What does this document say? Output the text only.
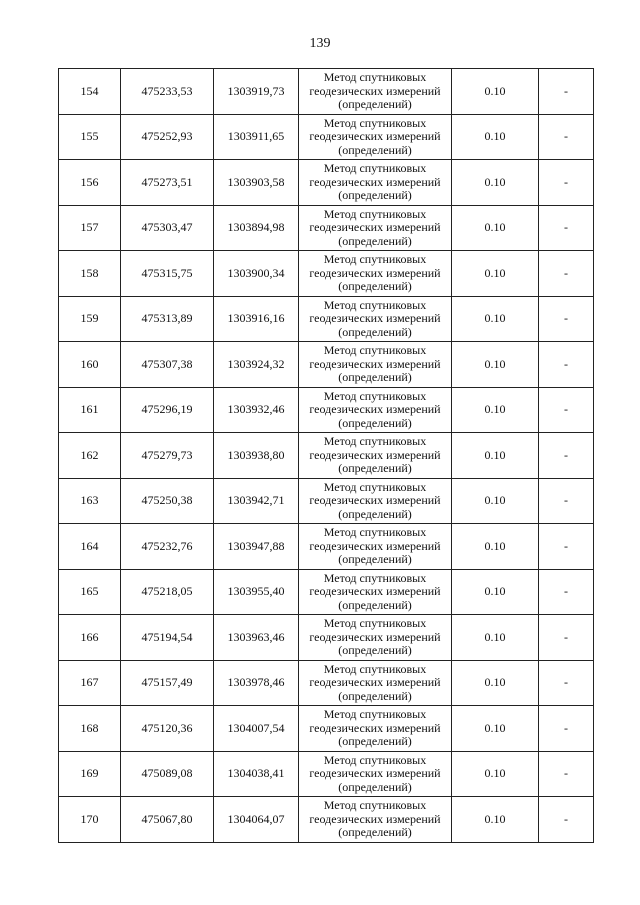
139
154	475233,53	1303919,73	Метод спутниковых
геодезических измерений
(определений)	0.10	-
155	475252,93	1303911,65	Метод спутниковых
геодезических измерений
(определений)	0.10	-
156	475273,51	1303903,58	Метод спутниковых
геодезических измерений
(определений)	0.10	-
157	475303,47	1303894,98	Метод спутниковых
геодезических измерений
(определений)	0.10	-
158	475315,75	1303900,34	Метод спутниковых
геодезических измерений
(определений)	0.10	-
159	475313,89	1303916,16	Метод спутниковых
геодезических измерений
(определений)	0.10	-
160	475307,38	1303924,32	Метод спутниковых
геодезических измерений
(определений)	0.10	-
161	475296,19	1303932,46	Метод спутниковых
геодезических измерений
(определений)	0.10	-
162	475279,73	1303938,80	Метод спутниковых
геодезических измерений
(определений)	0.10	-
163	475250,38	1303942,71	Метод спутниковых
геодезических измерений
(определений)	0.10	-
164	475232,76	1303947,88	Метод спутниковых
геодезических измерений
(определений)	0.10	-
165	475218,05	1303955,40	Метод спутниковых
геодезических измерений
(определений)	0.10	-
166	475194,54	1303963,46	Метод спутниковых
геодезических измерений
(определений)	0.10	-
167	475157,49	1303978,46	Метод спутниковых
геодезических измерений
(определений)	0.10	-
168	475120,36	1304007,54	Метод спутниковых
геодезических измерений
(определений)	0.10	-
169	475089,08	1304038,41	Метод спутниковых
геодезических измерений
(определений)	0.10	-
170	475067,80	1304064,07	Метод спутниковых
геодезических измерений
(определений)	0.10	-
